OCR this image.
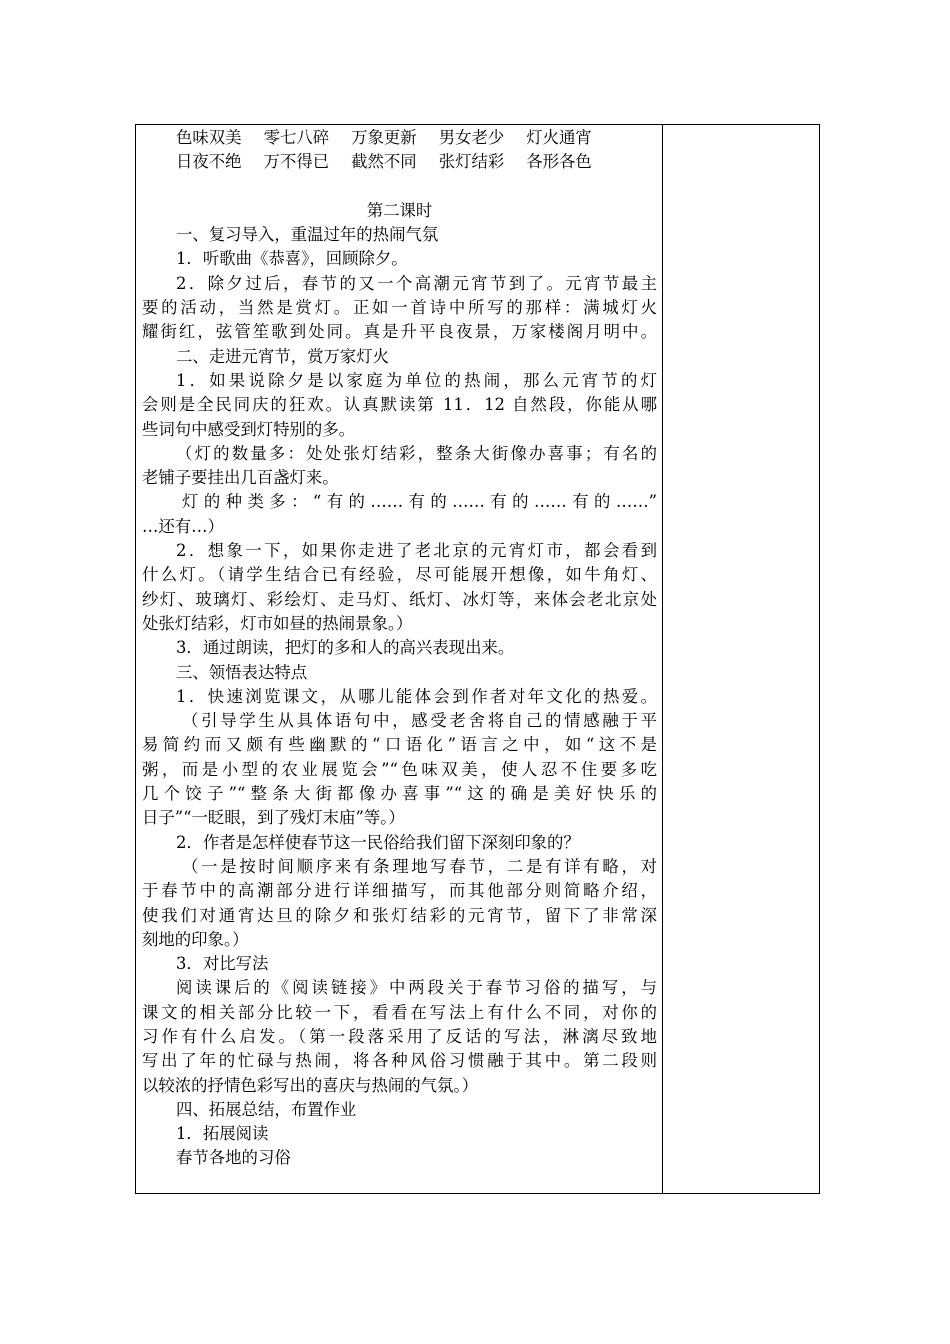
色味双美 零七八碎 万象更新 男女老少 灯火通宵
日夜不绝 万不得已 截然不同 张灯结彩 各形各色
第二课时
一、复习导入，重温过年的热闹气氛
1．听歌曲《恭喜》，回顾除夕。
2．除夕过后，春节的又一个高潮元宵节到了。元宵节最主
要的活动，当然是赏灯。正如一首诗中所写的那样：满城灯火
耀街红，弦管笙歌到处同。真是升平良夜景，万家楼阁月明中。
二、走进元宵节，赏万家灯火
1．如果说除夕是以家庭为单位的热闹，那么元宵节的灯
会则是全民同庆的狂欢。认真默读第 11．12 自然段，你能从哪
些词句中感受到灯特别的多。
（灯的数量多：处处张灯结彩，整条大街像办喜事；有名的
老铺子要挂出几百盏灯来。
灯的种类多：“有的……有的……有的……有的……”
…还有…）
2．想象一下，如果你走进了老北京的元宵灯市，都会看到
什么灯。（请学生结合已有经验，尽可能展开想像，如牛角灯、
纱灯、玻璃灯、彩绘灯、走马灯、纸灯、冰灯等，来体会老北京处
处张灯结彩，灯市如昼的热闹景象。）
3．通过朗读，把灯的多和人的高兴表现出来。
三、领悟表达特点
1．快速浏览课文，从哪儿能体会到作者对年文化的热爱。
（引导学生从具体语句中，感受老舍将自己的情感融于平
易简约而又颇有些幽默的“口语化”语言之中，如“这不是
粥，而是小型的农业展览会”“色味双美，使人忍不住要多吃
几个饺子”“整条大街都像办喜事”“这的确是美好快乐的
日子”“一眨眼，到了残灯末庙”等。）
2．作者是怎样使春节这一民俗给我们留下深刻印象的？
（一是按时间顺序来有条理地写春节，二是有详有略，对
于春节中的高潮部分进行详细描写，而其他部分则简略介绍，
使我们对通宵达旦的除夕和张灯结彩的元宵节，留下了非常深
刻地的印象。）
3．对比写法
阅读课后的《阅读链接》中两段关于春节习俗的描写，与
课文的相关部分比较一下，看看在写法上有什么不同，对你的
习作有什么启发。（第一段落采用了反话的写法，淋漓尽致地
写出了年的忙碌与热闹，将各种风俗习惯融于其中。第二段则
以较浓的抒情色彩写出的喜庆与热闹的气氛。）
四、拓展总结，布置作业
1．拓展阅读
春节各地的习俗
